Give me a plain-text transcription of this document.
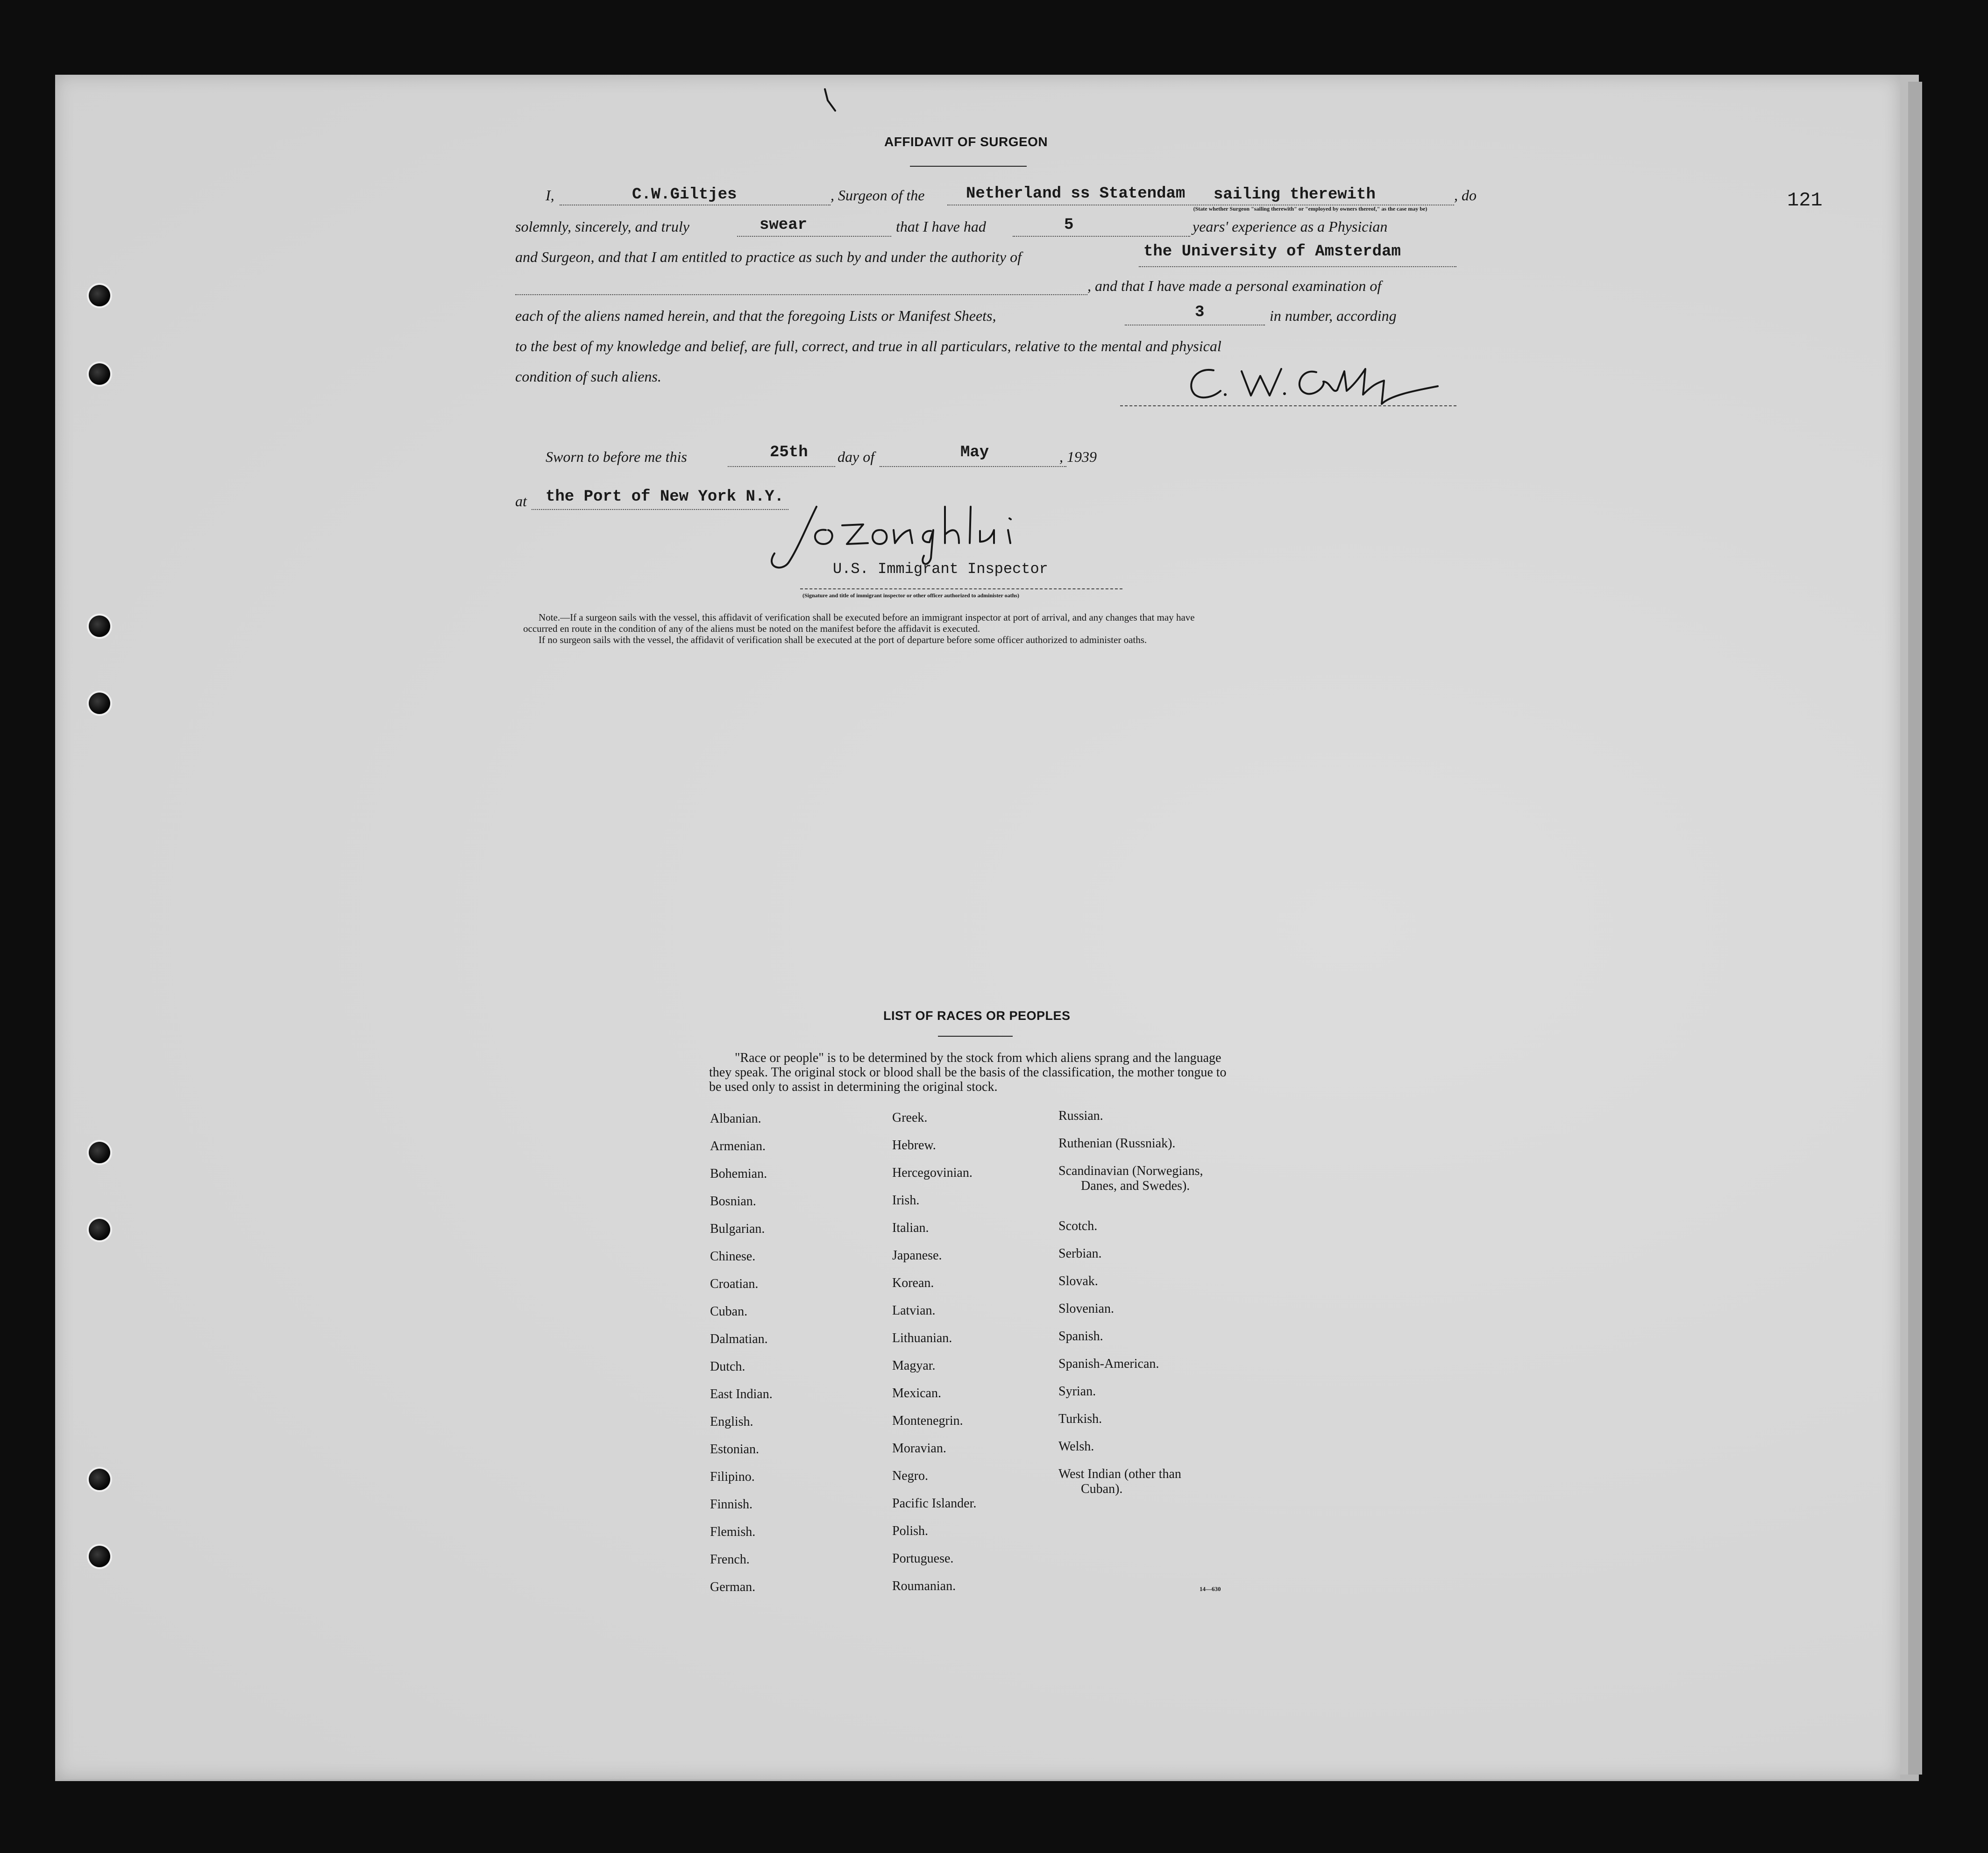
121
AFFIDAVIT OF SURGEON
I,	C.W.Giltjes	, Surgeon of the	Netherland ss Statendam sailing therewith
(State whether Surgeon "sailing therewith" or "employed by owners thereof," as the case may be)
, do
solemnly, sincerely, and truly	swear	that I have had	5	years' experience as a Physician
and Surgeon, and that I am entitled to practice as such by and under the authority of	the University of Amsterdam
, and that I have made a personal examination of
each of the aliens named herein, and that the foregoing Lists or Manifest Sheets,	3	in number, according
to the best of my knowledge and belief, are full, correct, and true in all particulars, relative to the mental and physical
condition of such aliens.
Sworn to before me this	25th day of	May	, 1939
at the Port of New York N.Y.
U.S. Immigrant Inspector
(Signature and title of immigrant inspector or other officer authorized to administer oaths)
Note.—If a surgeon sails with the vessel, this affidavit of verification shall be executed before an immigrant inspector at port of arrival, and any changes that may have
occurred en route in the condition of any of the aliens must be noted on the manifest before the affidavit is executed.
If no surgeon sails with the vessel, the affidavit of verification shall be executed at the port of departure before some officer authorized to administer oaths.
LIST OF RACES OR PEOPLES
"Race or people" is to be determined by the stock from which aliens sprang and the language they speak. The original stock or blood shall be the basis of the classification, the mother tongue to be used only to assist in determining the original stock.
Albanian.
Armenian.
Bohemian.
Bosnian.
Bulgarian.
Chinese.
Croatian.
Cuban.
Dalmatian.
Dutch.
East Indian.
English.
Estonian.
Filipino.
Finnish.
Flemish.
French.
German.
Greek.
Hebrew.
Hercegovinian.
Irish.
Italian.
Japanese.
Korean.
Latvian.
Lithuanian.
Magyar.
Mexican.
Montenegrin.
Moravian.
Negro.
Pacific Islander.
Polish.
Portuguese.
Roumanian.
Russian.
Ruthenian (Russniak).
Scandinavian (Norwegians,
Danes, and Swedes).
Scotch.
Serbian.
Slovak.
Slovenian.
Spanish.
Spanish-American.
Syrian.
Turkish.
Welsh.
West Indian (other than
Cuban).
14—630
